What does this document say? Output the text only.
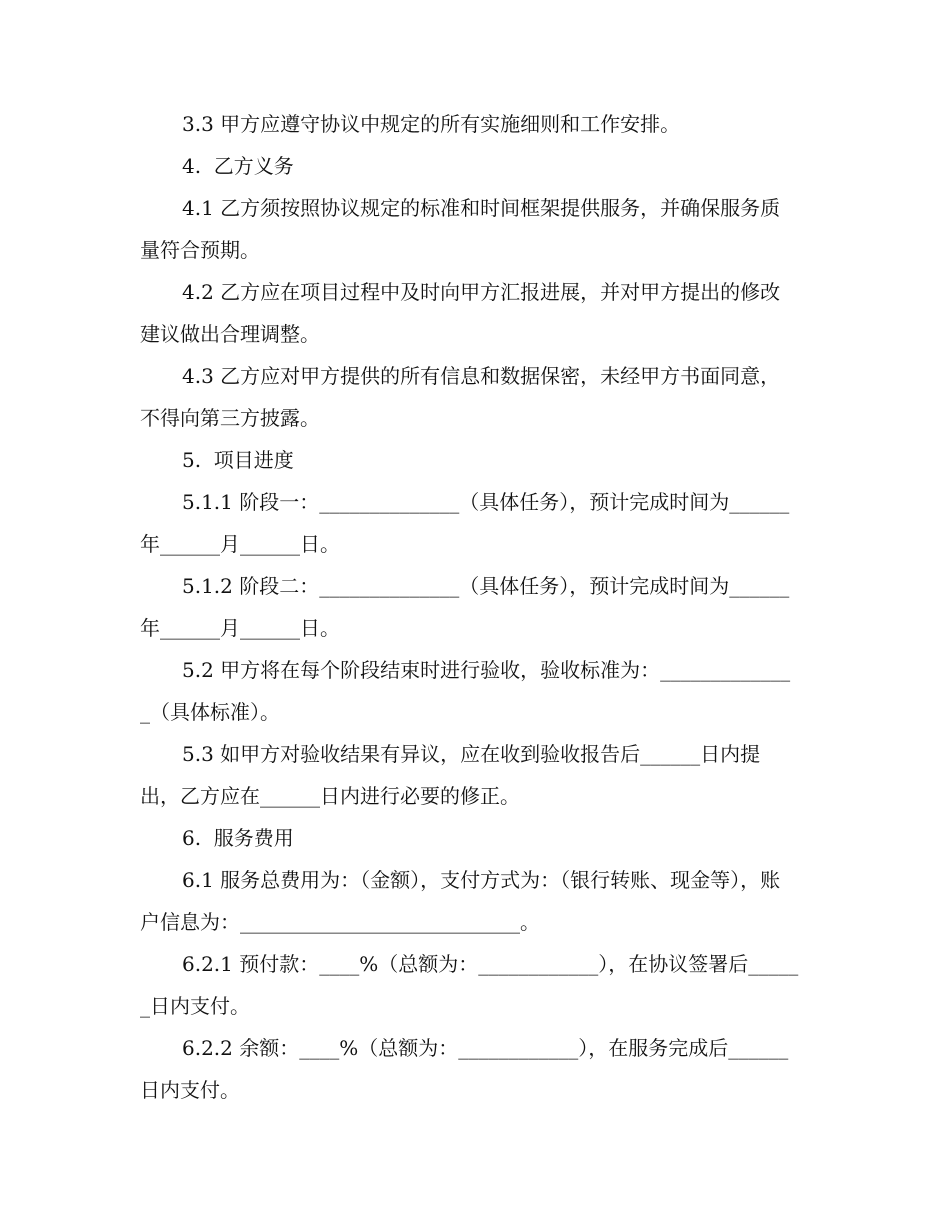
3.3 甲方应遵守协议中规定的所有实施细则和工作安排。

4.  乙方义务

4.1 乙方须按照协议规定的标准和时间框架提供服务，并确保服务质量符合预期。

4.2 乙方应在项目过程中及时向甲方汇报进展，并对甲方提出的修改建议做出合理调整。

4.3 乙方应对甲方提供的所有信息和数据保密，未经甲方书面同意，不得向第三方披露。

5.  项目进度

5.1.1 阶段一：______________（具体任务），预计完成时间为______年______月______日。

5.1.2 阶段二：______________（具体任务），预计完成时间为______年______月______日。

5.2 甲方将在每个阶段结束时进行验收，验收标准为：______________（具体标准）。

5.3 如甲方对验收结果有异议，应在收到验收报告后______日内提出，乙方应在______日内进行必要的修正。

6.  服务费用

6.1 服务总费用为：（金额），支付方式为：（银行转账、现金等），账户信息为：____________________________。

6.2.1 预付款：____%（总额为：____________），在协议签署后______日内支付。

6.2.2 余额：____%（总额为：____________），在服务完成后______日内支付。
